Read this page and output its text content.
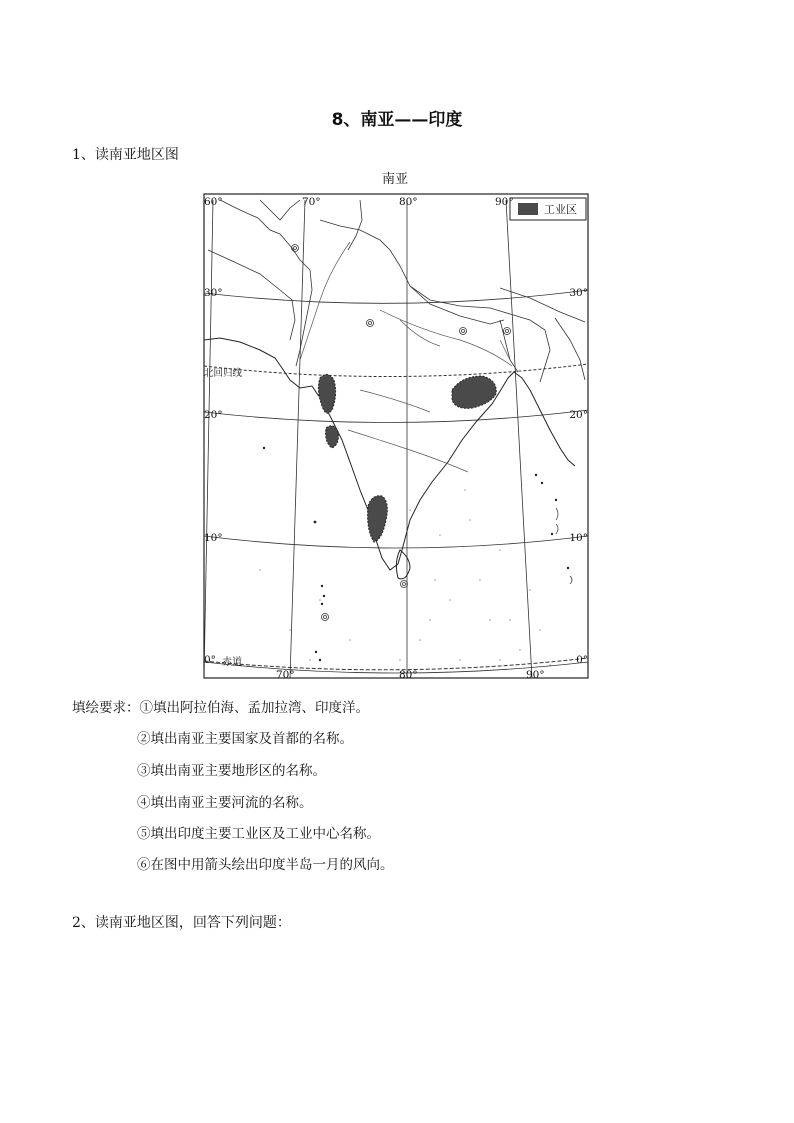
8、南亚——印度
1、读南亚地区图
南亚
工业区
北回归线
赤道
60°	70°	80°	90°
70°	80°	90°
30°
20°
10°
0°
30°
20°
10°
0°
填绘要求：①填出阿拉伯海、孟加拉湾、印度洋。
②填出南亚主要国家及首都的名称。
③填出南亚主要地形区的名称。
④填出南亚主要河流的名称。
⑤填出印度主要工业区及工业中心名称。
⑥在图中用箭头绘出印度半岛一月的风向。
2、读南亚地区图，回答下列问题：
